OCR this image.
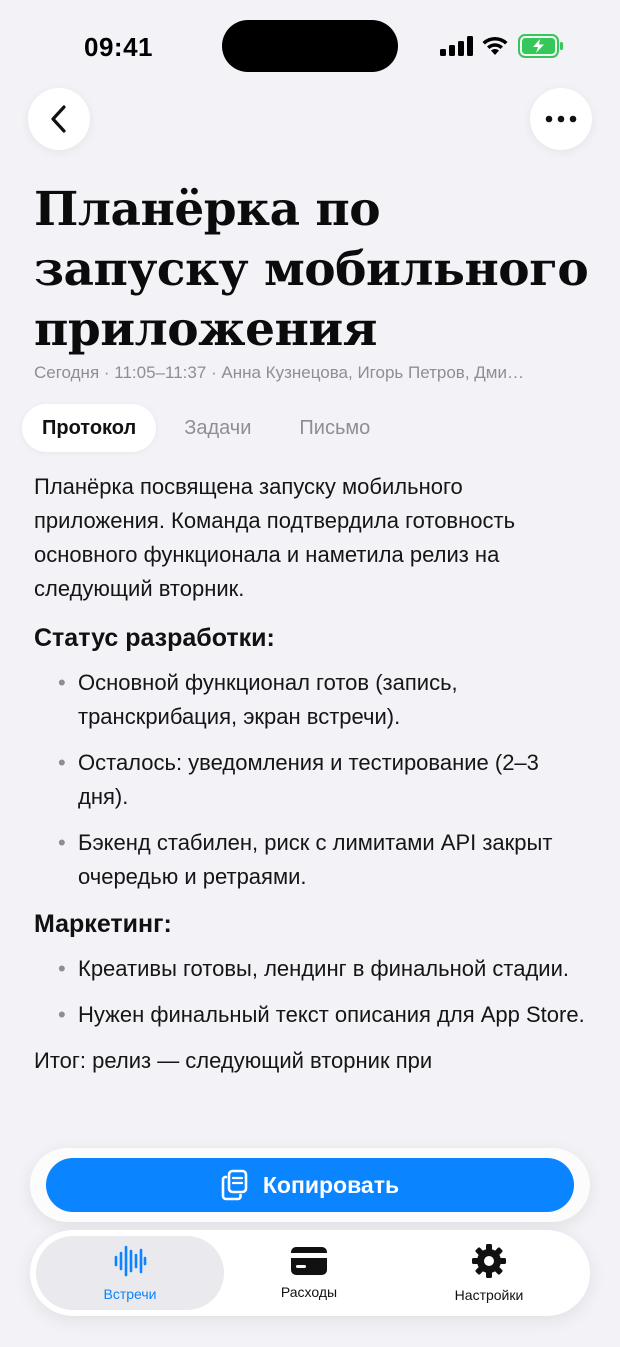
09:41
Планёрка по запуску мобильного приложения
Сегодня · 11:05–11:37 · Анна Кузнецова, Игорь Петров, Дми…
Протокол	Задачи	Письмо

Планёрка посвящена запуску мобильного приложения. Команда подтвердила готовность основного функционала и наметила релиз на следующий вторник.

Статус разработки:
• Основной функционал готов (запись, транскрибация, экран встречи).
• Осталось: уведомления и тестирование (2–3 дня).
• Бэкенд стабилен, риск с лимитами API закрыт очередью и ретраями.
Маркетинг:
• Креативы готовы, лендинг в финальной стадии.
• Нужен финальный текст описания для App Store.

Итог: релиз — следующий вторник при

Копировать
Встречи	Расходы	Настройки
